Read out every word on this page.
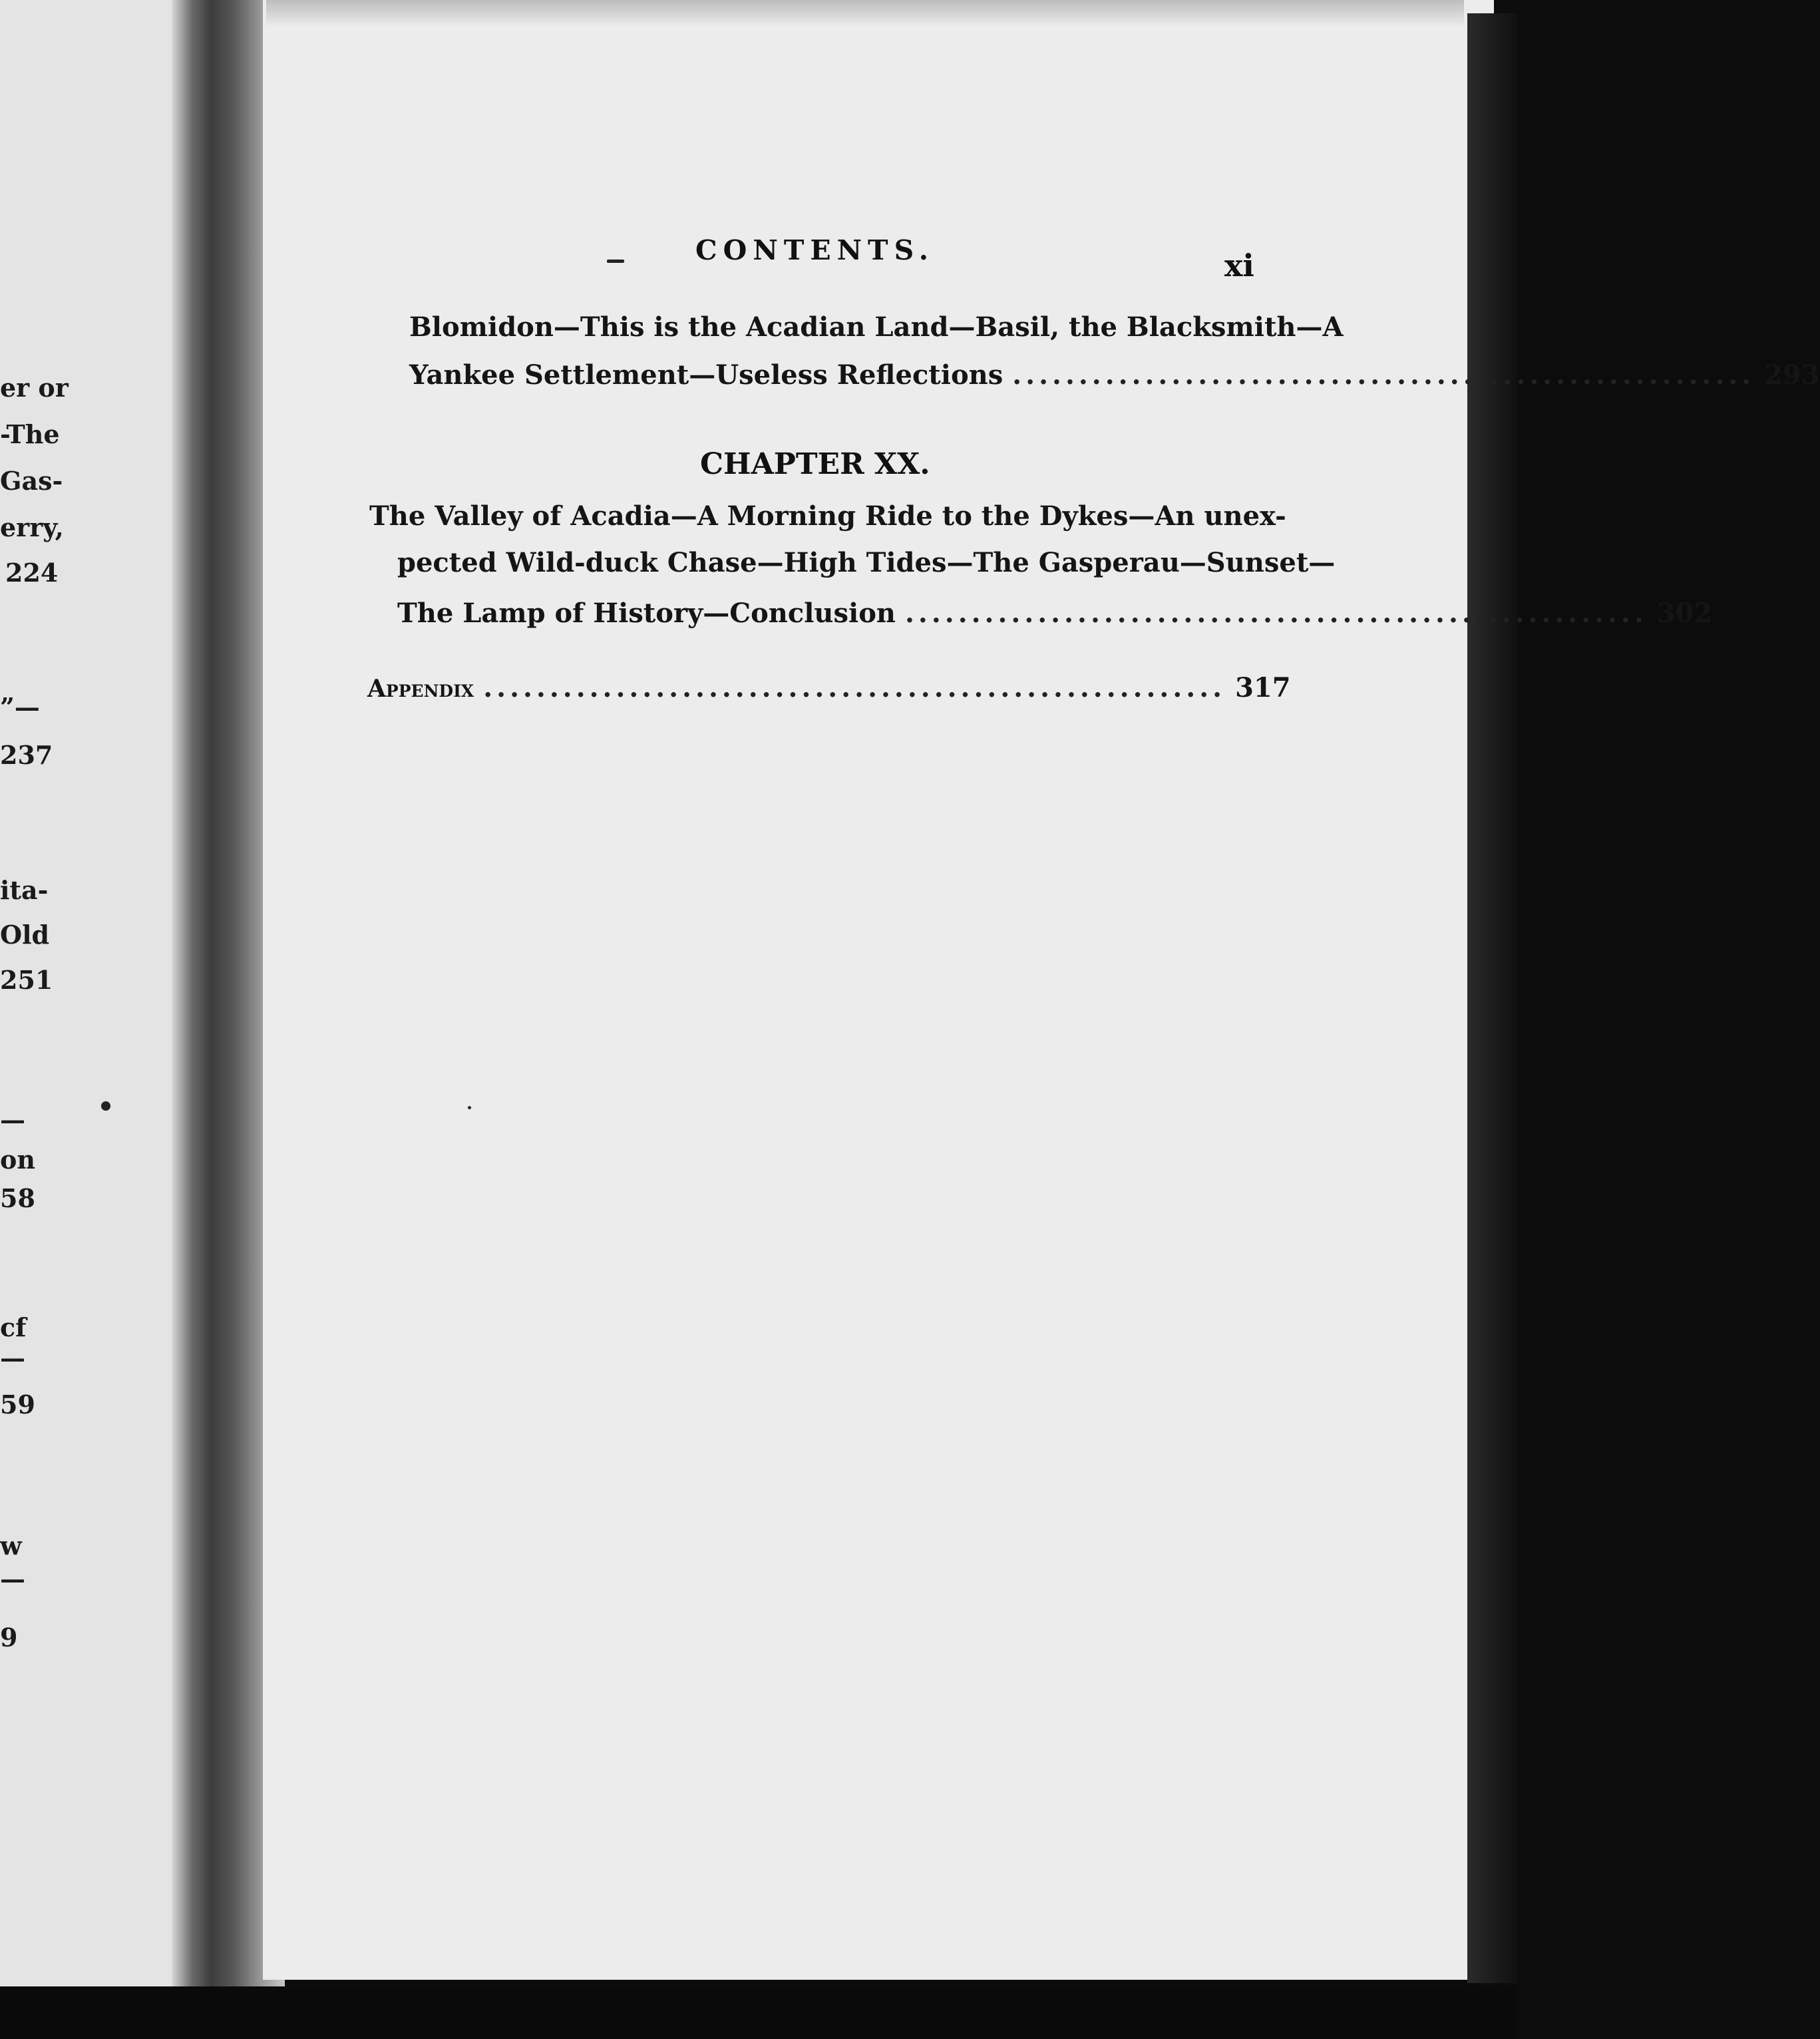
er or
-The
Gas-
erry,
224
”—
237
ita-
Old
251
—
on
58
cf
—
59
w
—
9
CONTENTS.	xi
Blomidon—This is the Acadian Land—Basil, the Blacksmith—A
Yankee Settlement—Useless Reflections ........................................................ 293
CHAPTER XX.
The Valley of Acadia—A Morning Ride to the Dykes—An unex-
pected Wild-duck Chase—High Tides—The Gasperau—Sunset—
The Lamp of History—Conclusion ........................................................ 302
Appendix ........................................................ 317
